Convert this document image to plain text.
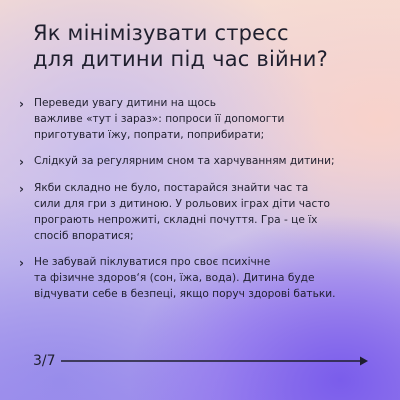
Як мінімізувати стресс
для дитини під час війни?
› Переведи увагу дитини на щось
важливе «тут і зараз»: попроси її допомогти
приготувати їжу, попрати, поприбирати;
› Слідкуй за регулярним сном та харчуванням дитини;
› Якби складно не було, постарайся знайти час та
сили для гри з дитиною. У рольових іграх діти часто
програють непрожиті, складні почуття. Гра - це їх
спосіб впоратися;
› Не забувай піклуватися про своє психічне
та фізичне здоров‘я (сон, їжа, вода). Дитина буде
відчувати себе в безпеці, якщо поруч здорові батьки.
3/7
